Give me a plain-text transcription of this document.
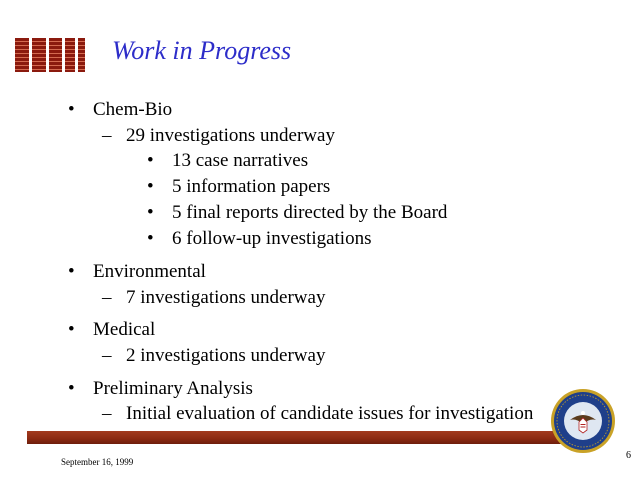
Work in Progress
• Chem-Bio
– 29 investigations underway
• 13 case narratives
• 5 information papers
• 5 final reports directed by the Board
• 6 follow-up investigations
• Environmental
– 7 investigations underway
• Medical
– 2 investigations underway
• Preliminary Analysis
– Initial evaluation of candidate issues for investigation
September 16, 1999
6
